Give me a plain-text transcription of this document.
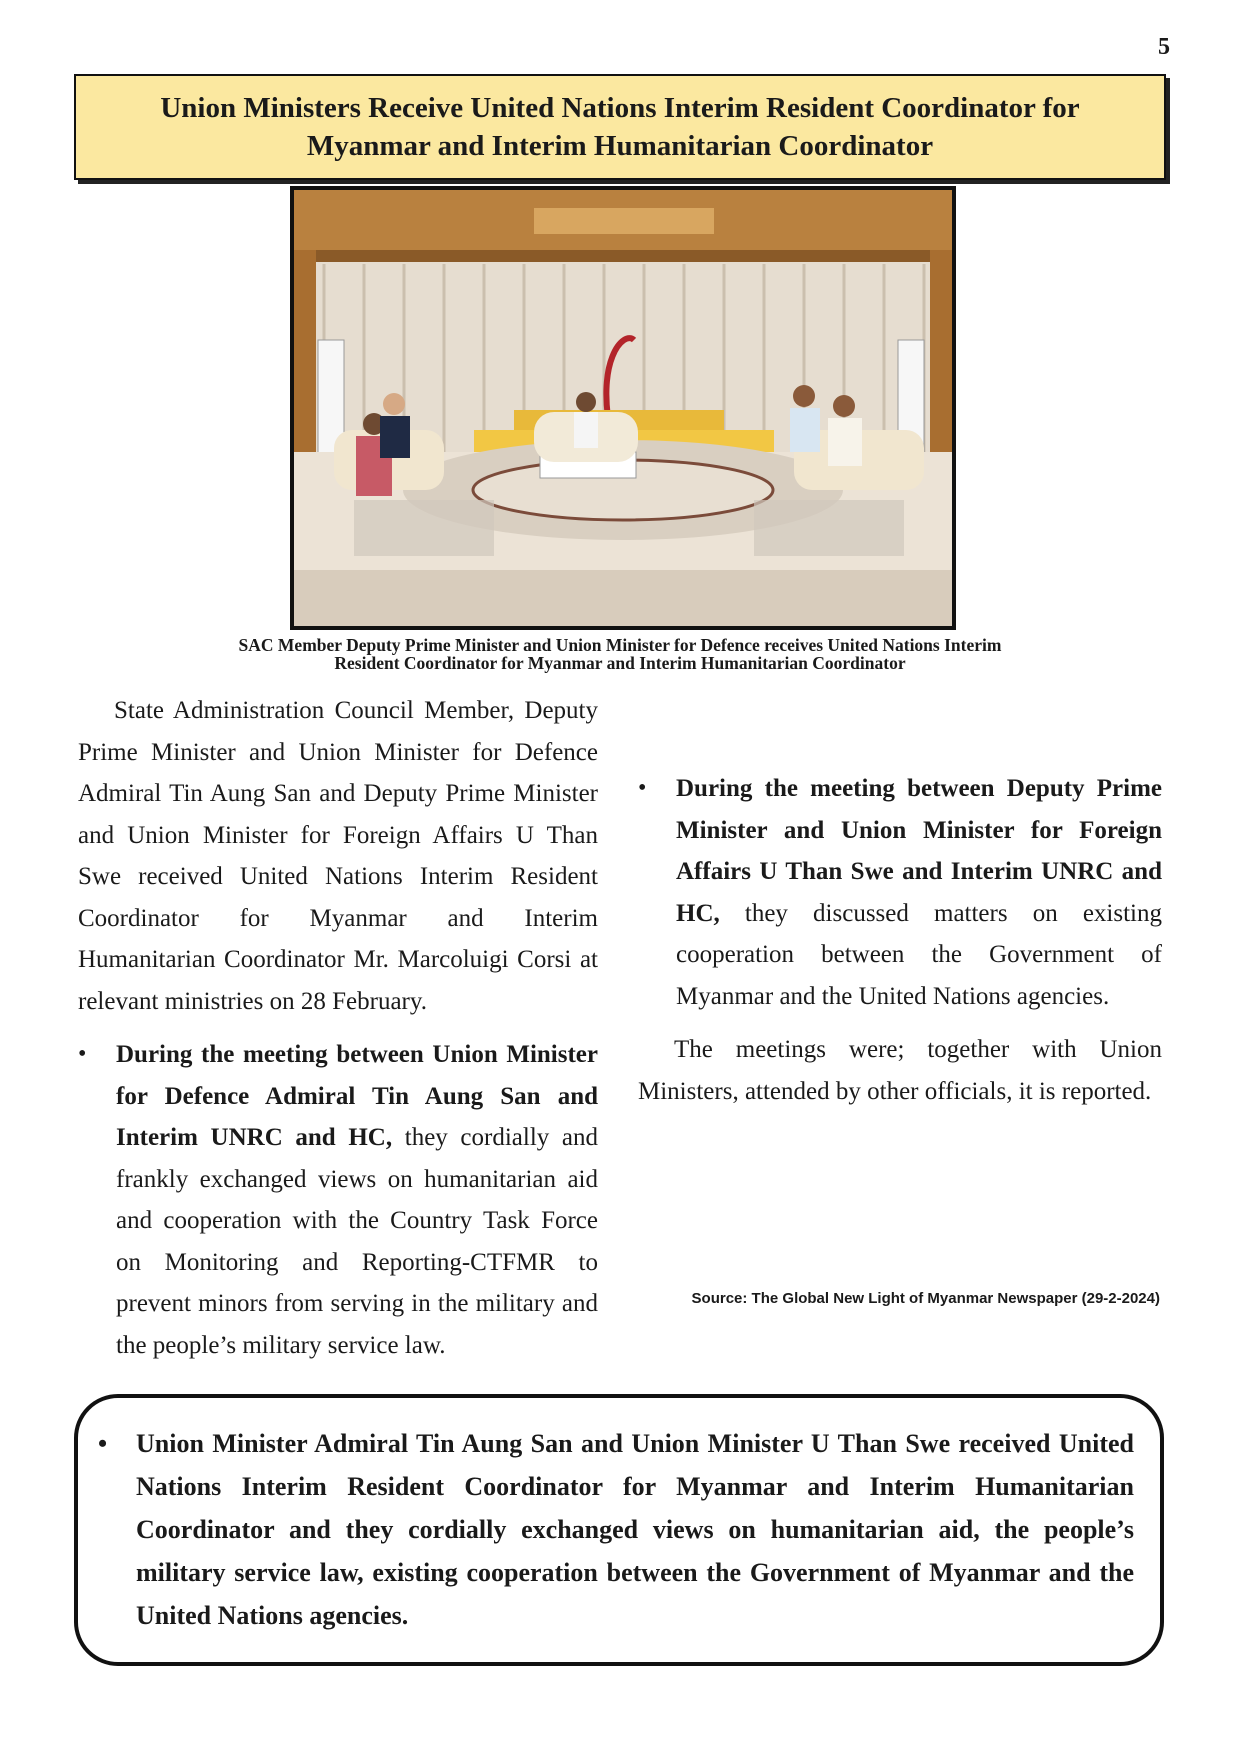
5
Union Ministers Receive United Nations Interim Resident Coordinator for Myanmar and Interim Humanitarian Coordinator
SAC Member Deputy Prime Minister and Union Minister for Defence receives United Nations Interim
Resident Coordinator for Myanmar and Interim Humanitarian Coordinator

State Administration Council Member, Deputy Prime Minister and Union Minister for Defence Admiral Tin Aung San and Deputy Prime Minister and Union Minister for Foreign Affairs U Than Swe received United Nations Interim Resident Coordinator for Myanmar and Interim Humanitarian Coordinator Mr. Marcoluigi Corsi at relevant ministries on 28 February.

• During the meeting between Union Minister for Defence Admiral Tin Aung San and Interim UNRC and HC, they cordially and frankly exchanged views on humanitarian aid and cooperation with the Country Task Force on Monitoring and Reporting-CTFMR to prevent minors from serving in the military and the people’s military service law.
• During the meeting between Deputy Prime Minister and Union Minister for Foreign Affairs U Than Swe and Interim UNRC and HC, they discussed matters on existing cooperation between the Government of Myanmar and the United Nations agencies.

The meetings were; together with Union Ministers, attended by other officials, it is reported.

Source: The Global New Light of Myanmar Newspaper (29-2-2024)
• Union Minister Admiral Tin Aung San and Union Minister U Than Swe received United Nations Interim Resident Coordinator for Myanmar and Interim Humanitarian Coordinator and they cordially exchanged views on humanitarian aid, the people’s military service law, existing cooperation between the Government of Myanmar and the United Nations agencies.
